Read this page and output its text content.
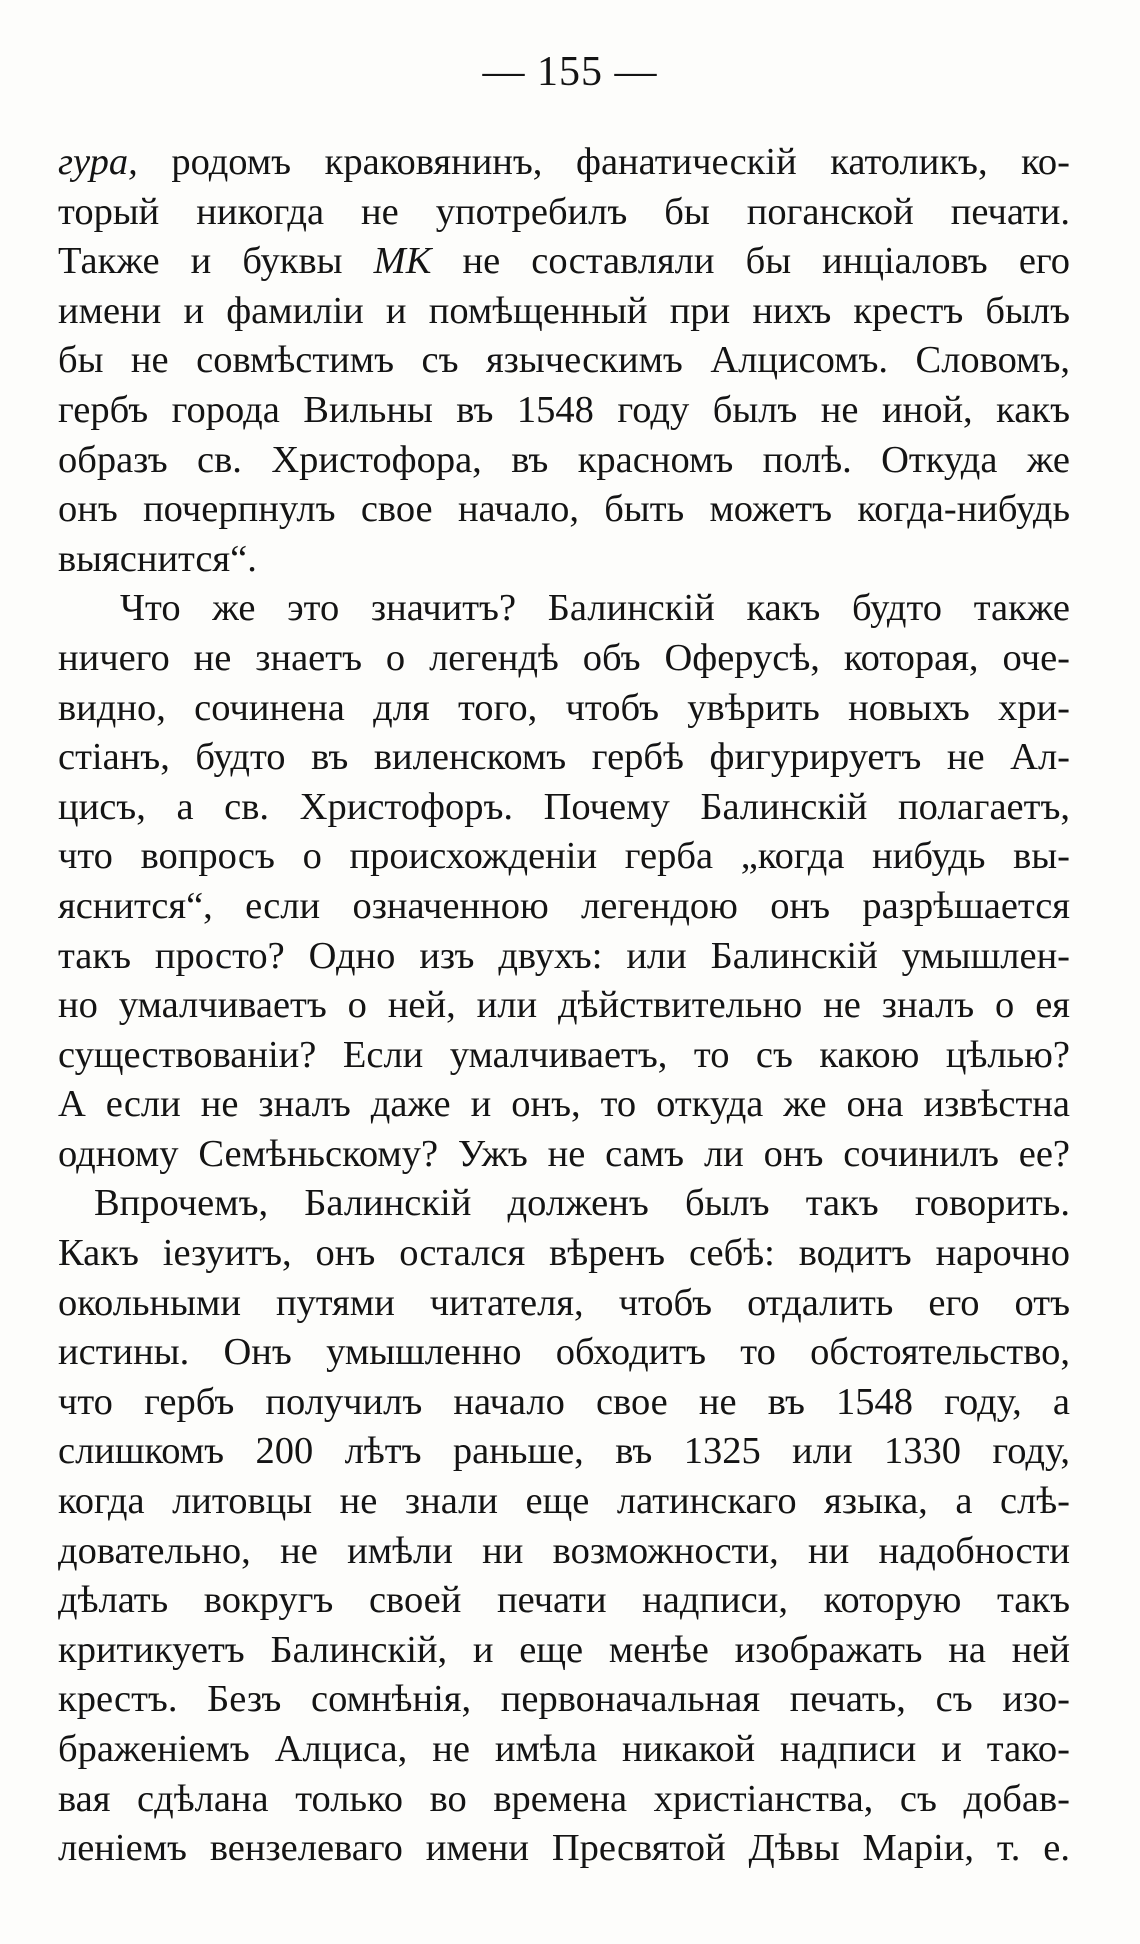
— 155 —
гура, родомъ краковянинъ, фанатическій католикъ, ко-
торый никогда не употребилъ бы поганской печати.
Также и буквы MK не составляли бы инціаловъ его
имени и фамиліи и помѣщенный при нихъ крестъ былъ
бы не совмѣстимъ съ языческимъ Алцисомъ. Словомъ,
гербъ города Вильны въ 1548 году былъ не иной, какъ
образъ св. Христофора, въ красномъ полѣ. Откуда же
онъ почерпнулъ свое начало, быть можетъ когда-нибудь
выяснится“.
Что же это значитъ? Балинскій какъ будто также
ничего не знаетъ о легендѣ объ Оферусѣ, которая, оче-
видно, сочинена для того, чтобъ увѣрить новыхъ хри-
стіанъ, будто въ виленскомъ гербѣ фигурируетъ не Ал-
цисъ, а св. Христофоръ. Почему Балинскій полагаетъ,
что вопросъ о происхожденіи герба „когда нибудь вы-
яснится“, если означенною легендою онъ разрѣшается
такъ просто? Одно изъ двухъ: или Балинскій умышлен-
но умалчиваетъ о ней, или дѣйствительно не зналъ о ея
существованіи? Если умалчиваетъ, то съ какою цѣлью?
А если не зналъ даже и онъ, то откуда же она извѣстна
одному Семѣньскому? Ужъ не самъ ли онъ сочинилъ ее?
Впрочемъ, Балинскій долженъ былъ такъ говорить.
Какъ іезуитъ, онъ остался вѣренъ себѣ: водитъ нарочно
окольными путями читателя, чтобъ отдалить его отъ
истины. Онъ умышленно обходитъ то обстоятельство,
что гербъ получилъ начало свое не въ 1548 году, а
слишкомъ 200 лѣтъ раньше, въ 1325 или 1330 году,
когда литовцы не знали еще латинскаго языка, а слѣ-
довательно, не имѣли ни возможности, ни надобности
дѣлать вокругъ своей печати надписи, которую такъ
критикуетъ Балинскій, и еще менѣе изображать на ней
крестъ. Безъ сомнѣнія, первоначальная печать, съ изо-
браженіемъ Алциса, не имѣла никакой надписи и тако-
вая сдѣлана только во времена христіанства, съ добав-
леніемъ вензелеваго имени Пресвятой Дѣвы Маріи, т. е.
